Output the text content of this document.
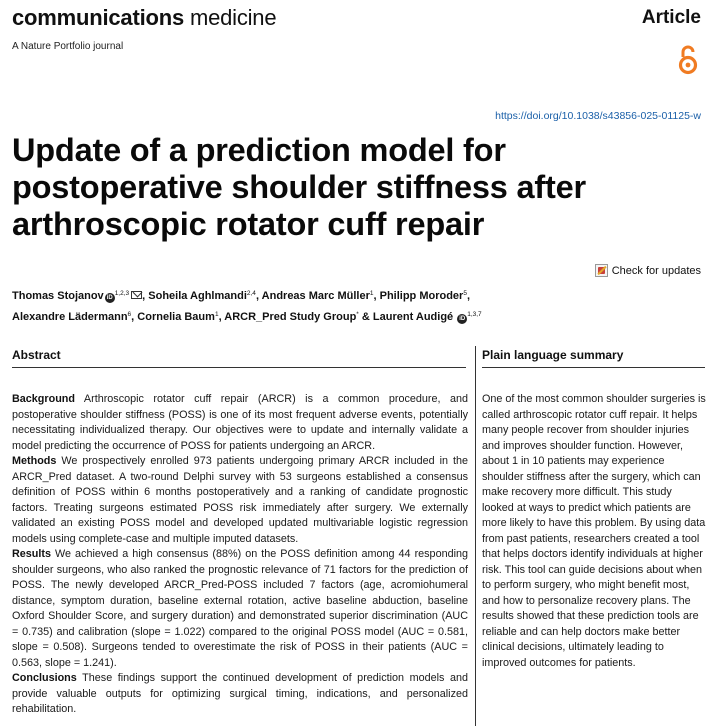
communications medicine
A Nature Portfolio journal
Article
https://doi.org/10.1038/s43856-025-01125-w
Update of a prediction model for postoperative shoulder stiffness after arthroscopic rotator cuff repair
Check for updates
Thomas Stojanov iD$^{1,2,3}$ , Soheila Aghlmandi$^{2,4}$, Andreas Marc Müller$^1$, Philipp Moroder$^5$,
Alexandre Lädermann$^6$, Cornelia Baum$^1$, ARCR_Pred Study Group* & Laurent Audigé iD$^{1,3,7}$
Abstract

Background Arthroscopic rotator cuff repair (ARCR) is a common procedure, and postoperative shoulder stiffness (POSS) is one of its most frequent adverse events, potentially necessitating individualized therapy. Our objectives were to update and internally validate a model predicting the occurrence of POSS for patients undergoing an ARCR.

Methods We prospectively enrolled 973 patients undergoing primary ARCR included in the ARCR_Pred dataset. A two-round Delphi survey with 53 surgeons established a consensus definition of POSS within 6 months postoperatively and a ranking of candidate prognostic factors. Treating surgeons estimated POSS risk immediately after surgery. We externally validated an existing POSS model and developed updated multivariable logistic regression models using complete-case and multiple imputed datasets.

Results We achieved a high consensus (88%) on the POSS definition among 44 responding shoulder surgeons, who also ranked the prognostic relevance of 71 factors for the prediction of POSS. The newly developed ARCR_Pred-POSS included 7 factors (age, acromiohumeral distance, symptom duration, baseline external rotation, active baseline abduction, baseline Oxford Shoulder Score, and surgery duration) and demonstrated superior discrimination (AUC = 0.735) and calibration (slope = 1.022) compared to the original POSS model (AUC = 0.581, slope = 0.508). Surgeons tended to overestimate the risk of POSS in their patients (AUC = 0.563, slope = 1.241).

Conclusions These findings support the continued development of prediction models and provide valuable outputs for optimizing surgical timing, indications, and personalized rehabilitation.

Plain language summary
One of the most common shoulder surgeries is called arthroscopic rotator cuff repair. It helps many people recover from shoulder injuries and improves shoulder function. However, about 1 in 10 patients may experience shoulder stiffness after the surgery, which can make recovery more difficult. This study looked at ways to predict which patients are more likely to have this problem. By using data from past patients, researchers created a tool that helps doctors identify individuals at higher risk. This tool can guide decisions about when to perform surgery, who might benefit most, and how to personalize recovery plans. The results showed that these prediction tools are reliable and can help doctors make better clinical decisions, ultimately leading to improved outcomes for patients.
